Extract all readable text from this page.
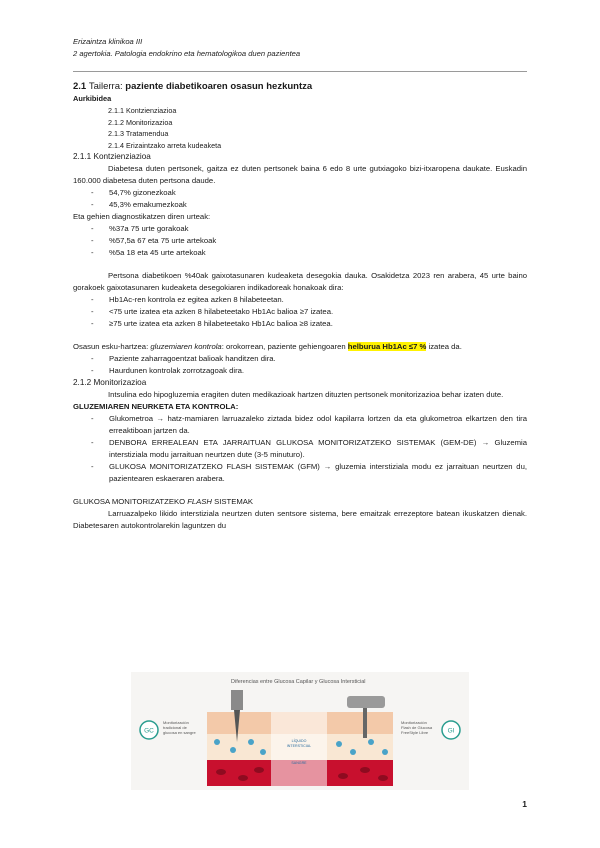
Erizaintza klinikoa III
2 agertokia. Patologia endokrino eta hematologikoa duen pazientea

2.1 Tailerra: paziente diabetikoaren osasun hezkuntza

Aurkibidea

2.1.1 Kontzienziazioa
2.1.2 Monitorizazioa
2.1.3 Tratamendua
2.1.4 Erizaintzako arreta kudeaketa

2.1.1 Kontzienziazioa

Diabetesa duten pertsonek, gaitza ez duten pertsonek baina 6 edo 8 urte gutxiagoko bizi-itxaropena daukate. Euskadin 160.000 diabetesa duten pertsona daude.

- 54,7% gizonezkoak
- 45,3% emakumezkoak

Eta gehien diagnostikatzen diren urteak:

- %37a 75 urte gorakoak
- %57,5a 67 eta 75 urte artekoak
- %5a 18 eta 45 urte artekoak

Pertsona diabetikoen %40ak gaixotasunaren kudeaketa desegokia dauka. Osakidetza 2023 ren arabera, 45 urte baino gorakoek gaixotasunaren kudeaketa desegokiaren indikadoreak honakoak dira:

- Hb1Ac-ren kontrola ez egitea azken 8 hilabeteetan.
- <75 urte izatea eta azken 8 hilabeteetako Hb1Ac balioa ≥7 izatea.
- ≥75 urte izatea eta azken 8 hilabeteetako Hb1Ac balioa ≥8 izatea.

Osasun esku-hartzea: gluzemiaren kontrola: orokorrean, paziente gehiengoaren helburua Hb1Ac ≤7 % izatea da.

- Paziente zaharragoentzat balioak handitzen dira.
- Haurdunen kontrolak zorrotzagoak dira.

2.1.2 Monitorizazioa

Intsulina edo hipogluzemia eragiten duten medikazioak hartzen dituzten pertsonek monitorizazioa behar izaten dute.

GLUZEMIAREN NEURKETA ETA KONTROLA:

- Glukometroa → hatz-mamiaren larruazaleko ziztada bidez odol kapilarra lortzen da eta glukometroa elkartzen den tira erreaktiboan jartzen da.
- DENBORA ERREALEAN ETA JARRAITUAN GLUKOSA MONITORIZATZEKO SISTEMAK (GEM-DE) → Gluzemia interstiziala modu jarraituan neurtzen dute (3-5 minuturo).
- GLUKOSA MONITORIZATZEKO FLASH SISTEMAK (GFM) → gluzemia interstiziala modu ez jarraituan neurtzen du, pazientearen eskaeraren arabera.

GLUKOSA MONITORIZATZEKO FLASH SISTEMAK

Larruazalpeko likido interstiziala neurtzen duten sentsore sistema, bere emaitzak errezeptore batean ikuskatzen dienak. Diabetesaren autokontrolarekin laguntzen du

Diferencias entre Glucosa Capilar y Glucosa Intersticial
GC	GI
Monitorización
tradicional de
glucosa en sangre
Monitorización
Flash de Glucosa
FreeStyle Libre
LÍQUIDO
INTERSTICIAL
SANGRE
1
